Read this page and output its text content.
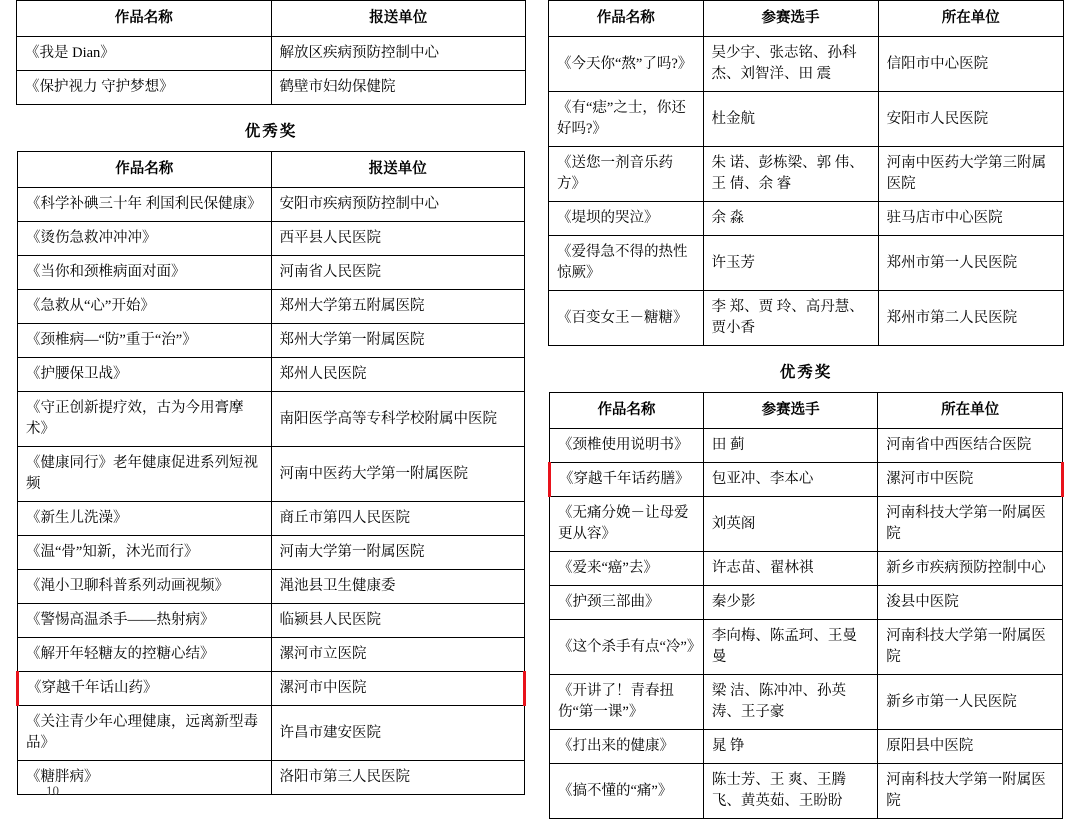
作品名称	报送单位
《我是 Dian》	解放区疾病预防控制中心
《保护视力 守护梦想》	鹤壁市妇幼保健院
优秀奖
作品名称	报送单位
《科学补碘三十年 利国利民保健康》	安阳市疾病预防控制中心
《烫伤急救冲冲冲》	西平县人民医院
《当你和颈椎病面对面》	河南省人民医院
《急救从“心”开始》	郑州大学第五附属医院
《颈椎病—“防”重于“治”》	郑州大学第一附属医院
《护腰保卫战》	郑州人民医院
《守正创新提疗效，古为今用膏摩术》	南阳医学高等专科学校附属中医院
《健康同行》老年健康促进系列短视频	河南中医药大学第一附属医院
《新生儿洗澡》	商丘市第四人民医院
《温“骨”知新，沐光而行》	河南大学第一附属医院
《渑小卫聊科普系列动画视频》	渑池县卫生健康委
《警惕高温杀手——热射病》	临颍县人民医院
《解开年轻糖友的控糖心结》	漯河市立医院
《穿越千年话山药》	漯河市中医院
《关注青少年心理健康，远离新型毒品》	许昌市建安医院
《糖胖病》	洛阳市第三人民医院
10
作品名称	参赛选手	所在单位
《今天你“熬”了吗?》	吴少宇、张志铭、孙科杰、刘智洋、田 震	信阳市中心医院
《有“痣”之士，你还好吗?》	杜金航	安阳市人民医院
《送您一剂音乐药方》	朱 诺、彭栋梁、郭 伟、王 倩、余 睿	河南中医药大学第三附属医院
《堤坝的哭泣》	余 淼	驻马店市中心医院
《爱得急不得的热性惊厥》	许玉芳	郑州市第一人民医院
《百变女王－糖糖》	李 郑、贾 玲、高丹慧、贾小香	郑州市第二人民医院
优秀奖
作品名称	参赛选手	所在单位
《颈椎使用说明书》	田 蓟	河南省中西医结合医院
《穿越千年话药膳》	包亚冲、李本心	漯河市中医院
《无痛分娩－让母爱更从容》	刘英阁	河南科技大学第一附属医院
《爱来“癌”去》	许志苗、翟林祺	新乡市疾病预防控制中心
《护颈三部曲》	秦少影	浚县中医院
《这个杀手有点“冷”》	李向梅、陈孟珂、王曼曼	河南科技大学第一附属医院
《开讲了！青春扭伤“第一课”》	梁 洁、陈冲冲、孙英涛、王子豪	新乡市第一人民医院
《打出来的健康》	晁 铮	原阳县中医院
《搞不懂的“痛”》	陈士芳、王 爽、王腾飞、黄英茹、王盼盼	河南科技大学第一附属医院
